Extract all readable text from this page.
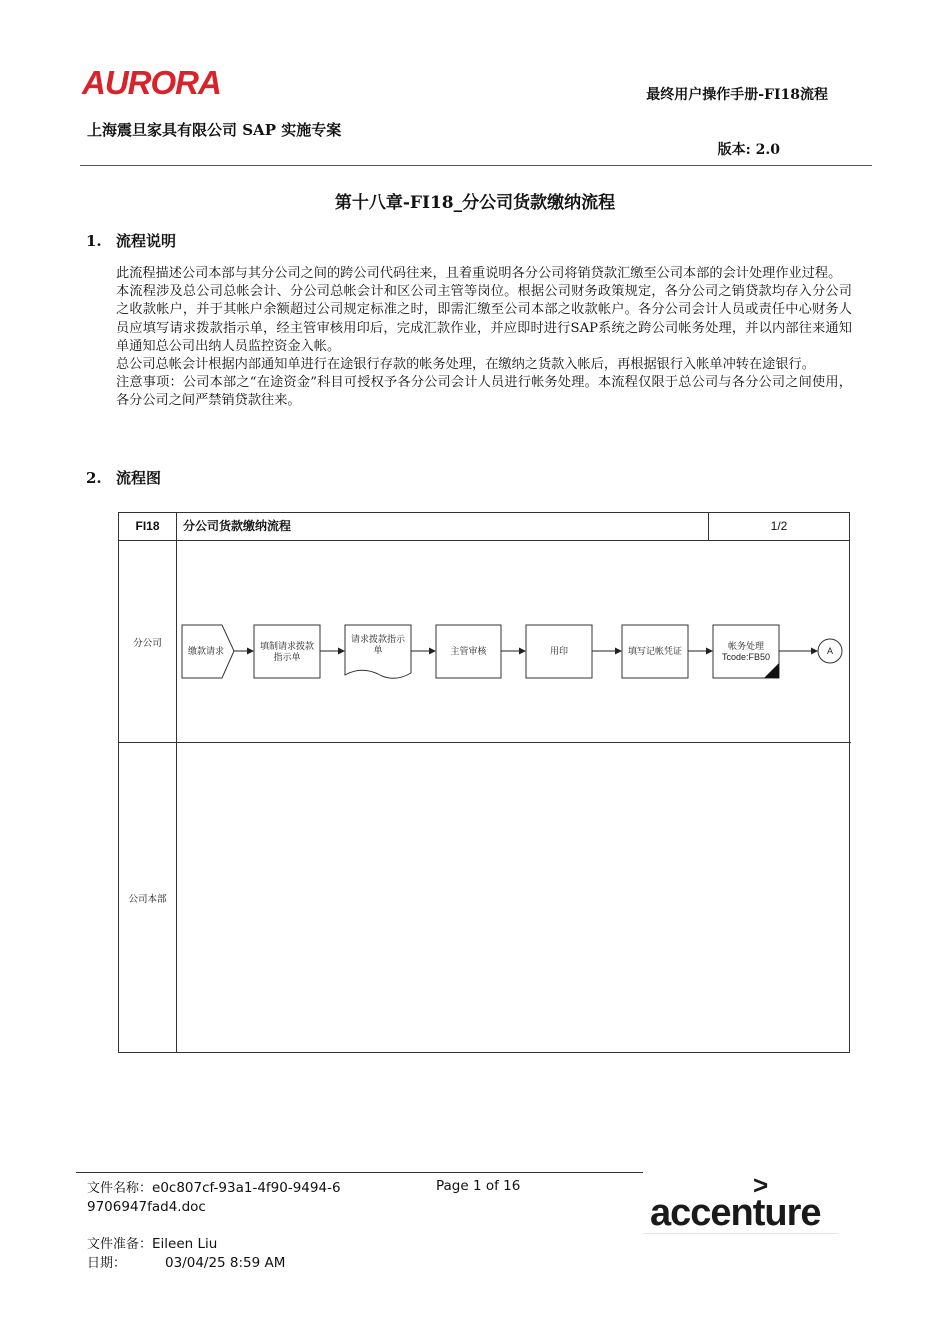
AURORA	最终用户操作手册-FI18流程
上海震旦家具有限公司 SAP 实施专案
版本: 2.0
第十八章-FI18_分公司货款缴纳流程
1. 流程说明

此流程描述公司本部与其分公司之间的跨公司代码往来，且着重说明各分公司将销贷款汇缴至公司本部的会计处理作业过程。

本流程涉及总公司总帐会计、分公司总帐会计和区公司主管等岗位。根据公司财务政策规定，各分公司之销贷款均存入分公司之收款帐户，并于其帐户余额超过公司规定标准之时，即需汇缴至公司本部之收款帐户。各分公司会计人员或责任中心财务人员应填写请求拨款指示单，经主管审核用印后，完成汇款作业，并应即时进行SAP系统之跨公司帐务处理，并以内部往来通知单通知总公司出纳人员监控资金入帐。

总公司总帐会计根据内部通知单进行在途银行存款的帐务处理，在缴纳之货款入帐后，再根据银行入帐单冲转在途银行。

注意事项：公司本部之“在途资金”科目可授权予各分公司会计人员进行帐务处理。本流程仅限于总公司与各分公司之间使用，各分公司之间严禁销贷款往来。

2. 流程图
FI18	分公司货款缴纳流程	1/2
分公司
公司本部
缴款请求
填制请求拨款指示单
请求拨款指示单	主管审核	用印	填写记帐凭证
帐务处理 Tcode:FB50
A
文件名称：e0c807cf-93a1-4f90-9494-69706947fad4.doc
Page 1 of 16
文件准备：Eileen Liu
日期：	03/04/25 8:59 AM
>
accenture
